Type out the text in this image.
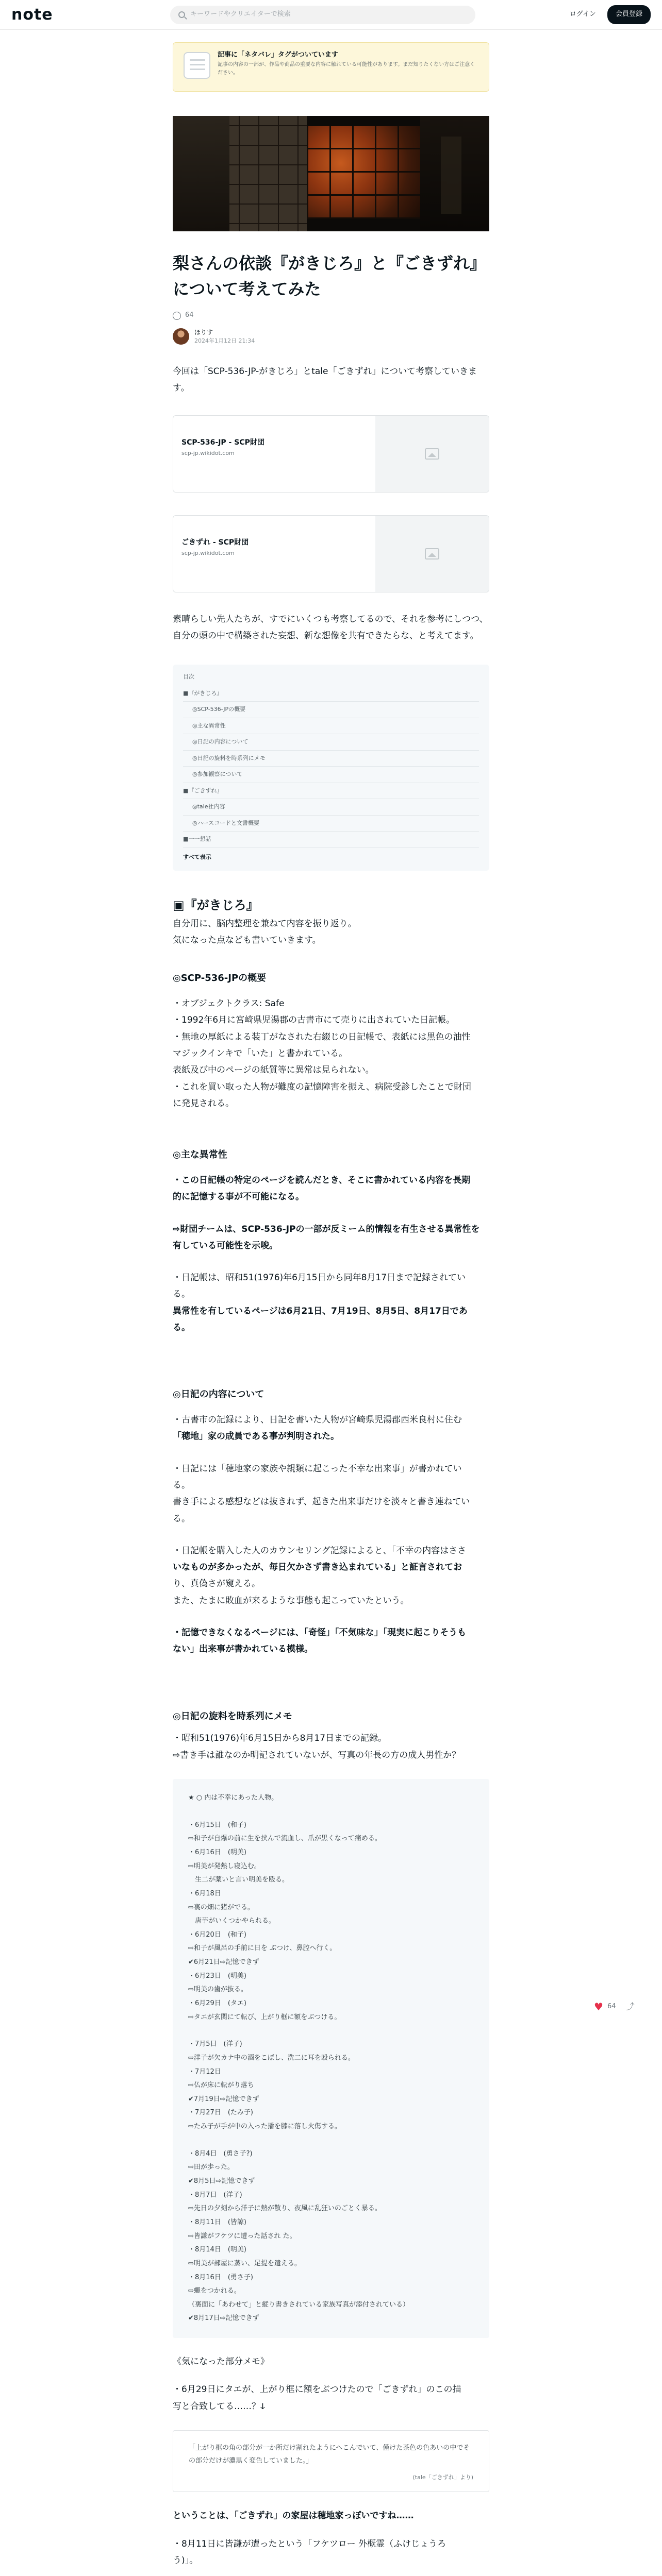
note	キーワードやクリエイターで検索	ログイン	会員登録
記事に「ネタバレ」タグがついています
記事の内容の一部が、作品や商品の重要な内容に触れている可能性があります。まだ知りたくない方はご注意ください。
梨さんの依談『がきじろ』と『ごきずれ』について考えてみた
64
ほりす
2024年1月12日 21:34
今回は「SCP-536-JP-がきじろ」とtale「ごきずれ」について考察していきます。
SCP-536-JP - SCP財団
scp-jp.wikidot.com
ごきずれ - SCP財団
scp-jp.wikidot.com
素晴らしい先人たちが、すでにいくつも考察してるので、それを参考にしつつ、
自分の頭の中で構築された妄想、新な想像を共有できたらな、と考えてます。
目次
■『がきじろ』
◎SCP-536-JPの概要
◎主な異常性
◎日記の内容について
◎日記の旋料を時系列にメモ
◎参加観察について
■『ごきずれ』
◎tale社内容
◎ハースコードと文書概要
■一一想話
すべて表示
▣『がきじろ』
自分用に、脳内整理を兼ねて内容を振り返り。
気になった点なども書いていきます。
◎SCP-536-JPの概要
・オブジェクトクラス: Safe
・1992年6月に宮崎県児湯郡の古書市にて売りに出されていた日記帳。
・無地の厚紙による装丁がなされた右綴じの日記帳で、表紙には黒色の油性
マジックインキで「いた」と書かれている。
表紙及び中のページの紙質等に異常は見られない。
・これを買い取った人物が難度の記憶障害を振え、病院受診したことで財団
に発見される。
◎主な異常性
・この日記帳の特定のページを読んだとき、そこに書かれている内容を長期
的に記憶する事が不可能になる。
⇨財団チームは、SCP-536-JPの一部が反ミーム的情報を有生させる異常性を
有している可能性を示唆。
・日記帳は、昭和51(1976)年6月15日から同年8月17日まで記録されてい
る。
異常性を有しているページは6月21日、7月19日、8月5日、8月17日であ
る。
◎日記の内容について
・古書市の記録により、日記を書いた人物が宮崎県児湯郡西米良村に住む
「穂地」家の成員である事が判明された。
・日記には「穂地家の家族や親類に起こった不幸な出来事」が書かれてい
る。
書き手による感想などは抜きれず、起きた出来事だけを淡々と書き連ねてい
る。
・日記帳を購入した人のカウンセリング記録によると、「不幸の内容はささ
いなものが多かったが、毎日欠かさず書き込まれている」と証言されてお
り、真偽さが窺える。
また、たまに敗血が来るような事態も起こっていたという。
・記憶できなくなるページには、「奇怪」「不気味な」「現実に起こりそうも
ない」出来事が書かれている模様。
◎日記の旋料を時系列にメモ
・昭和51(1976)年6月15日から8月17日までの記録。
⇨書き手は誰なのか明記されていないが、写真の年長の方の成人男性か？
★ ○ 内は不幸にあった人物。
・6月15日　(和子)
⇨和子が自爆の前に生を挟んで流血し、爪が黒くなって痛める。
・6月16日　(明美)
⇨明美が発熱し寝込む。
　生二が薬いと言い明美を殴る。
・6月18日
⇨裏の畑に猪がでる。
　唐芋がいくつかやられる。
・6月20日　(和子)
⇨和子が風呂の手前に日を ぶつけ、鼻腔へ行く。
✔6月21日⇨記憶できず
・6月23日　(明美)
⇨明美の歯が抜る。
・6月29日　(タエ)
⇨タエが玄関にて転び、上がり框に額をぶつける。
・7月5日　(洋子)
⇨洋子が欠カナ中の酒をこぼし、洗二に耳を殴られる。
・7月12日
⇨仏が床に転がり落ち
✔7月19日⇨記憶できず
・7月27日　(たみ子)
⇨たみ子が手が中の入った播を膝に落し火傷する。
・8月4日　(勇さ子?)
⇨田が歩った。
✔8月5日⇨記憶できず
・8月7日　(洋子)
⇨先日の夕刻から洋子に熱が散り、夜風に乱狂いのごとく暴る。
・8月11日　(皆諒)
⇨皆謙がフケツに遭った話され た。
・8月14日　(明美)
⇨明美が部屋に蒸い、足提を遣える。
・8月16日　(勇さ子)
⇨蠅をつかれる。
（裏面に「あわせて」と縦り書きされている家族写真が添付されている）
✔8月17日⇨記憶できず
《気になった部分メモ》
・6月29日にタエが、上がり框に額をぶつけたので「ごきずれ」のこの描
写と合致してる……？ↆ
「上がり框の角の部分が一か所だけ割れたようにへこんでいて、僅けた茶色の色あいの中でその部分だけが濃黒く変色していました。」
(tale「ごきずれ」より)
ということは、「ごきずれ」の家屋は穂地家っぽいですね……
・8月11日に皆謙が遭ったという「フケツロー 外概霊（ふけじょうろ
う)」。
♥ 64 ⤴
